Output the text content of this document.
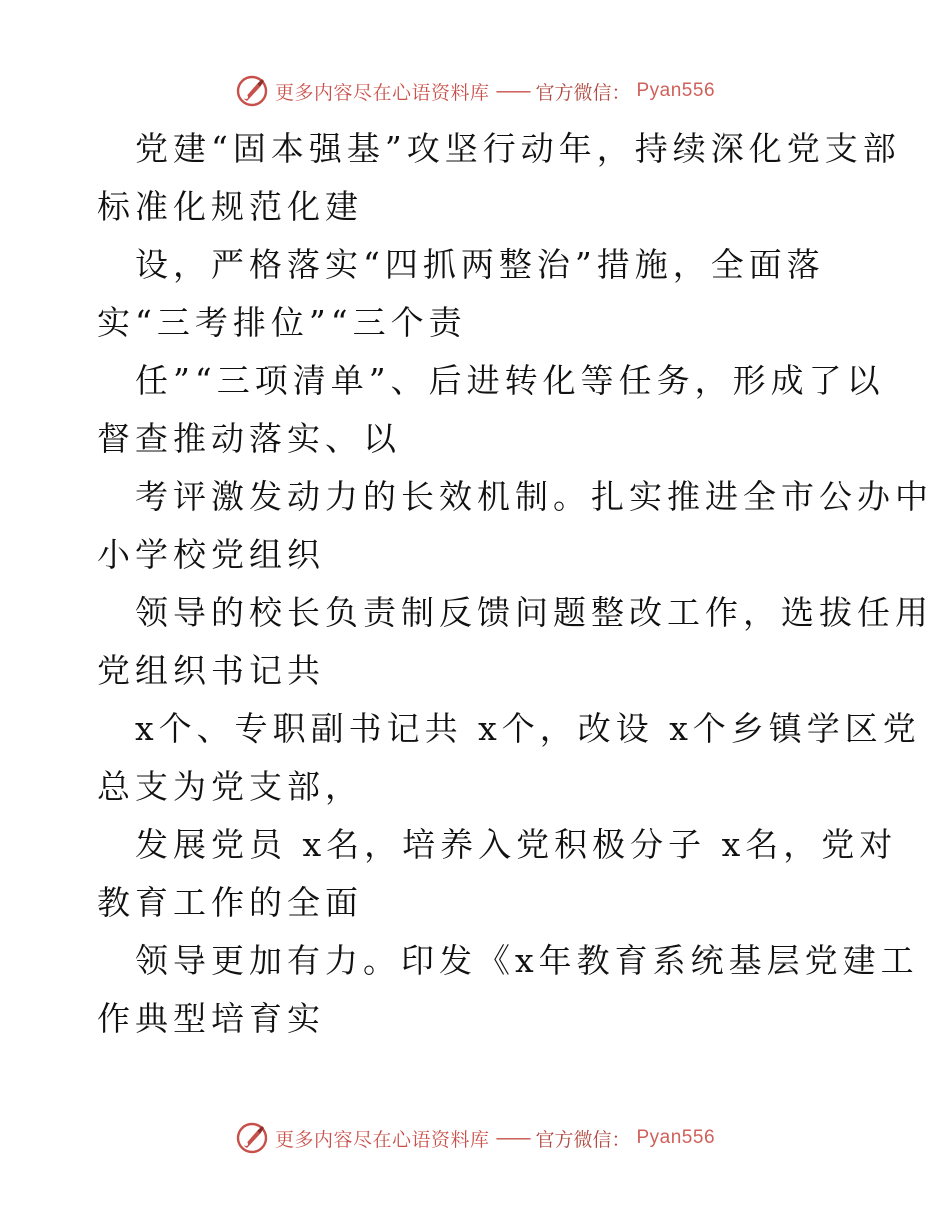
更多内容尽在心语资料库 —— 官方微信： Pyan556
党建“固本强基”攻坚行动年，持续深化党支部
标准化规范化建
设，严格落实“四抓两整治”措施，全面落
实“三考排位”“三个责
任”“三项清单”、后进转化等任务，形成了以
督查推动落实、以
考评激发动力的长效机制。扎实推进全市公办中
小学校党组织
领导的校长负责制反馈问题整改工作，选拔任用
党组织书记共
x个、专职副书记共 x个，改设 x个乡镇学区党
总支为党支部，
发展党员 x名，培养入党积极分子 x名，党对
教育工作的全面
领导更加有力。印发《x年教育系统基层党建工
作典型培育实
更多内容尽在心语资料库 —— 官方微信： Pyan556
